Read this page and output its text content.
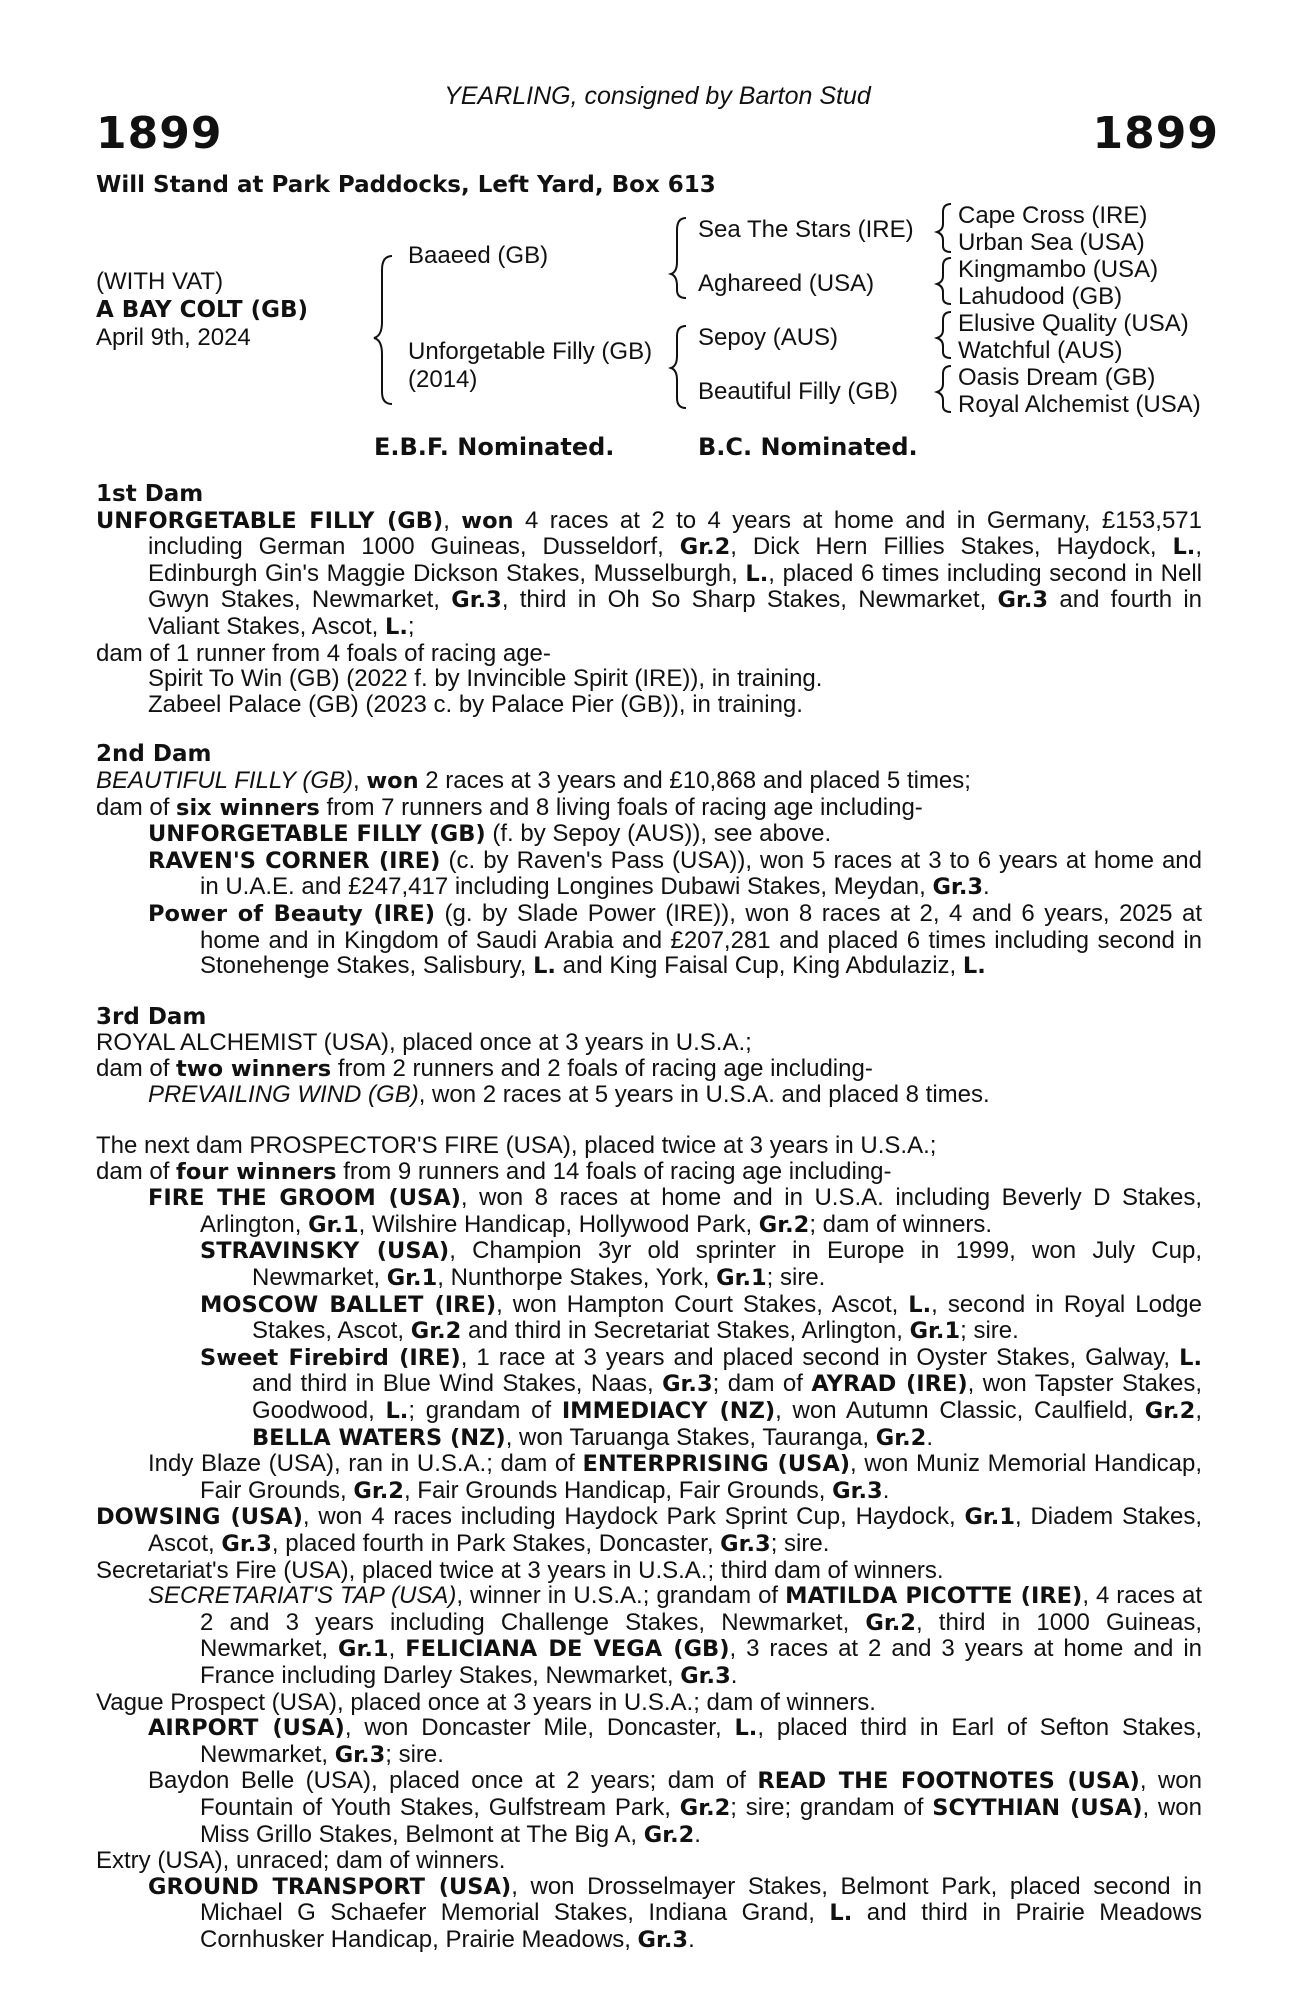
YEARLING, consigned by Barton Stud
1899	1899
Will Stand at Park Paddocks, Left Yard, Box 613
(WITH VAT)
A BAY COLT (GB)
April 9th, 2024
Baaeed (GB)
Unforgetable Filly (GB)
(2014)
Sea The Stars (IRE)
Aghareed (USA)
Sepoy (AUS)
Beautiful Filly (GB)
Cape Cross (IRE)
Urban Sea (USA)
Kingmambo (USA)
Lahudood (GB)
Elusive Quality (USA)
Watchful (AUS)
Oasis Dream (GB)
Royal Alchemist (USA)
E.B.F. Nominated.	B.C. Nominated.

1st Dam

UNFORGETABLE FILLY (GB), won 4 races at 2 to 4 years at home and in Germany, £153,571 including German 1000 Guineas, Dusseldorf, Gr.2, Dick Hern Fillies Stakes, Haydock, L., Edinburgh Gin's Maggie Dickson Stakes, Musselburgh, L., placed 6 times including second in Nell Gwyn Stakes, Newmarket, Gr.3, third in Oh So Sharp Stakes, Newmarket, Gr.3 and fourth in Valiant Stakes, Ascot, L.;

dam of 1 runner from 4 foals of racing age-

Spirit To Win (GB) (2022 f. by Invincible Spirit (IRE)), in training.

Zabeel Palace (GB) (2023 c. by Palace Pier (GB)), in training.

2nd Dam

BEAUTIFUL FILLY (GB), won 2 races at 3 years and £10,868 and placed 5 times;

dam of six winners from 7 runners and 8 living foals of racing age including-

UNFORGETABLE FILLY (GB) (f. by Sepoy (AUS)), see above.

RAVEN'S CORNER (IRE) (c. by Raven's Pass (USA)), won 5 races at 3 to 6 years at home and in U.A.E. and £247,417 including Longines Dubawi Stakes, Meydan, Gr.3.

Power of Beauty (IRE) (g. by Slade Power (IRE)), won 8 races at 2, 4 and 6 years, 2025 at home and in Kingdom of Saudi Arabia and £207,281 and placed 6 times including second in Stonehenge Stakes, Salisbury, L. and King Faisal Cup, King Abdulaziz, L.

3rd Dam

ROYAL ALCHEMIST (USA), placed once at 3 years in U.S.A.;

dam of two winners from 2 runners and 2 foals of racing age including-

PREVAILING WIND (GB), won 2 races at 5 years in U.S.A. and placed 8 times.

The next dam PROSPECTOR'S FIRE (USA), placed twice at 3 years in U.S.A.;

dam of four winners from 9 runners and 14 foals of racing age including-

FIRE THE GROOM (USA), won 8 races at home and in U.S.A. including Beverly D Stakes, Arlington, Gr.1, Wilshire Handicap, Hollywood Park, Gr.2; dam of winners.

STRAVINSKY (USA), Champion 3yr old sprinter in Europe in 1999, won July Cup, Newmarket, Gr.1, Nunthorpe Stakes, York, Gr.1; sire.

MOSCOW BALLET (IRE), won Hampton Court Stakes, Ascot, L., second in Royal Lodge Stakes, Ascot, Gr.2 and third in Secretariat Stakes, Arlington, Gr.1; sire.

Sweet Firebird (IRE), 1 race at 3 years and placed second in Oyster Stakes, Galway, L. and third in Blue Wind Stakes, Naas, Gr.3; dam of AYRAD (IRE), won Tapster Stakes, Goodwood, L.; grandam of IMMEDIACY (NZ), won Autumn Classic, Caulfield, Gr.2, BELLA WATERS (NZ), won Taruanga Stakes, Tauranga, Gr.2.

Indy Blaze (USA), ran in U.S.A.; dam of ENTERPRISING (USA), won Muniz Memorial Handicap, Fair Grounds, Gr.2, Fair Grounds Handicap, Fair Grounds, Gr.3.

DOWSING (USA), won 4 races including Haydock Park Sprint Cup, Haydock, Gr.1, Diadem Stakes, Ascot, Gr.3, placed fourth in Park Stakes, Doncaster, Gr.3; sire.

Secretariat's Fire (USA), placed twice at 3 years in U.S.A.; third dam of winners.

SECRETARIAT'S TAP (USA), winner in U.S.A.; grandam of MATILDA PICOTTE (IRE), 4 races at 2 and 3 years including Challenge Stakes, Newmarket, Gr.2, third in 1000 Guineas, Newmarket, Gr.1, FELICIANA DE VEGA (GB), 3 races at 2 and 3 years at home and in France including Darley Stakes, Newmarket, Gr.3.

Vague Prospect (USA), placed once at 3 years in U.S.A.; dam of winners.

AIRPORT (USA), won Doncaster Mile, Doncaster, L., placed third in Earl of Sefton Stakes, Newmarket, Gr.3; sire.

Baydon Belle (USA), placed once at 2 years; dam of READ THE FOOTNOTES (USA), won Fountain of Youth Stakes, Gulfstream Park, Gr.2; sire; grandam of SCYTHIAN (USA), won Miss Grillo Stakes, Belmont at The Big A, Gr.2.

Extry (USA), unraced; dam of winners.

GROUND TRANSPORT (USA), won Drosselmayer Stakes, Belmont Park, placed second in Michael G Schaefer Memorial Stakes, Indiana Grand, L. and third in Prairie Meadows Cornhusker Handicap, Prairie Meadows, Gr.3.
